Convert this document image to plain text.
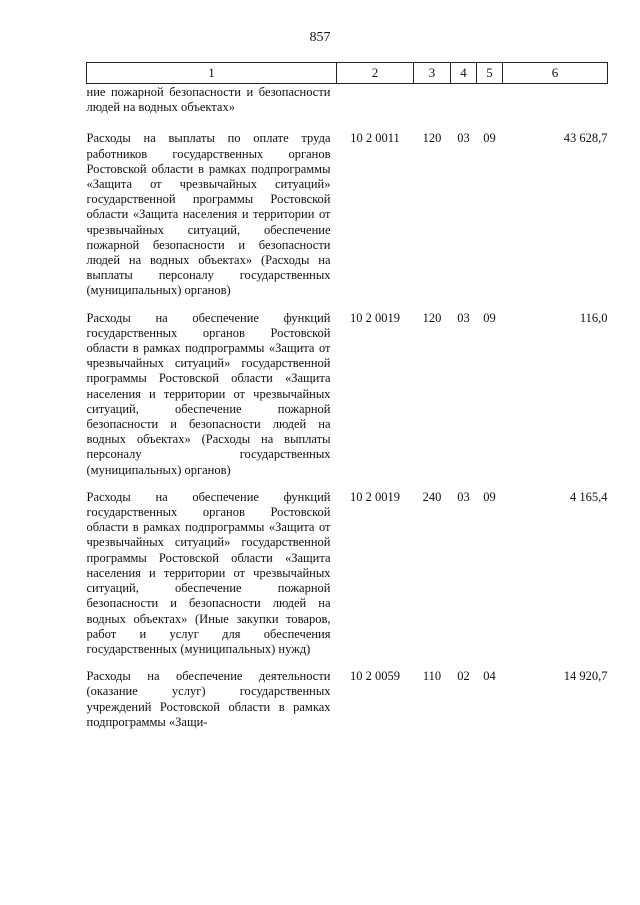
857
1	2	3	4	5	6
ние пожарной безопасности и безопасности людей на водных объектах»					
Расходы на выплаты по оплате труда работников государственных органов Ростовской области в рамках подпрограммы «Защита от чрезвычайных ситуаций» государственной программы Ростовской области «Защита населения и территории от чрезвычайных ситуаций, обеспечение пожарной безопасности и безопасности людей на водных объектах» (Расходы на выплаты персоналу государственных (муниципальных) органов)	10 2 0011	120	03	09	43 628,7
Расходы на обеспечение функций государственных органов Ростовской области в рамках подпрограммы «Защита от чрезвычайных ситуаций» государственной программы Ростовской области «Защита населения и территории от чрезвычайных ситуаций, обеспечение пожарной безопасности и безопасности людей на водных объектах» (Расходы на выплаты персоналу государственных (муниципальных) органов)	10 2 0019	120	03	09	116,0
Расходы на обеспечение функций государственных органов Ростовской области в рамках подпрограммы «Защита от чрезвычайных ситуаций» государственной программы Ростовской области «Защита населения и территории от чрезвычайных ситуаций, обеспечение пожарной безопасности и безопасности людей на водных объектах» (Иные закупки товаров, работ и услуг для обеспечения государственных (муниципальных) нужд)	10 2 0019	240	03	09	4 165,4
Расходы на обеспечение деятельности (оказание услуг) государственных учреждений Ростовской области в рамках подпрограммы «Защи-	10 2 0059	110	02	04	14 920,7
